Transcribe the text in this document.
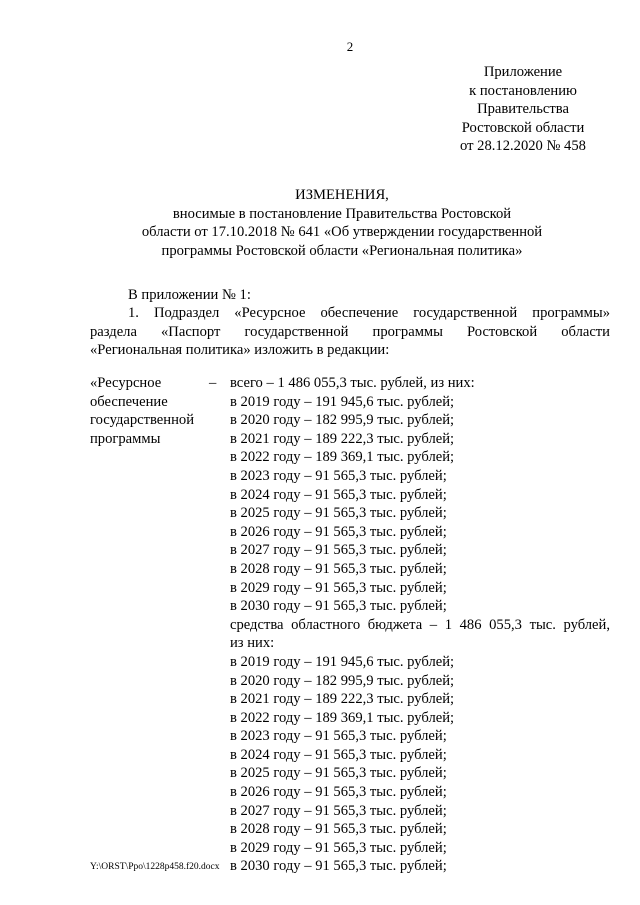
2
Приложение
к постановлению
Правительства
Ростовской области
от 28.12.2020 № 458
ИЗМЕНЕНИЯ,
вносимые в постановление Правительства Ростовской
области от 17.10.2018 № 641 «Об утверждении государственной
программы Ростовской области «Региональная политика»
В приложении № 1:
1. Подраздел «Ресурсное обеспечение государственной программы»
раздела «Паспорт государственной программы Ростовской области
«Региональная политика» изложить в редакции:
«Ресурсное
обеспечение
государственной
программы
– всего – 1 486 055,3 тыс. рублей, из них:
в 2019 году – 191 945,6 тыс. рублей;
в 2020 году – 182 995,9 тыс. рублей;
в 2021 году – 189 222,3 тыс. рублей;
в 2022 году – 189 369,1 тыс. рублей;
в 2023 году – 91 565,3 тыс. рублей;
в 2024 году – 91 565,3 тыс. рублей;
в 2025 году – 91 565,3 тыс. рублей;
в 2026 году – 91 565,3 тыс. рублей;
в 2027 году – 91 565,3 тыс. рублей;
в 2028 году – 91 565,3 тыс. рублей;
в 2029 году – 91 565,3 тыс. рублей;
в 2030 году – 91 565,3 тыс. рублей;
средства областного бюджета – 1 486 055,3 тыс. рублей,
из них:
в 2019 году – 191 945,6 тыс. рублей;
в 2020 году – 182 995,9 тыс. рублей;
в 2021 году – 189 222,3 тыс. рублей;
в 2022 году – 189 369,1 тыс. рублей;
в 2023 году – 91 565,3 тыс. рублей;
в 2024 году – 91 565,3 тыс. рублей;
в 2025 году – 91 565,3 тыс. рублей;
в 2026 году – 91 565,3 тыс. рублей;
в 2027 году – 91 565,3 тыс. рублей;
в 2028 году – 91 565,3 тыс. рублей;
в 2029 году – 91 565,3 тыс. рублей;
в 2030 году – 91 565,3 тыс. рублей;
Y:\ORST\Ppo\1228p458.f20.docx
